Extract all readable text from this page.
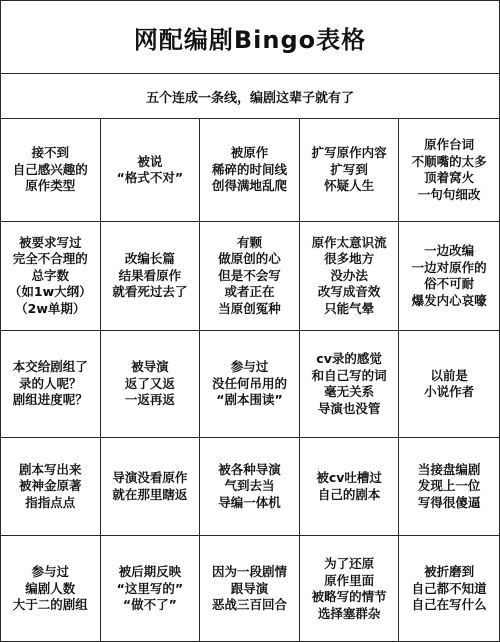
网配编剧Bingo表格
五个连成一条线，编剧这辈子就有了
接不到
自己感兴趣的
原作类型
被说
“格式不对”
被原作
稀碎的时间线
创得满地乱爬
扩写原作内容
扩写到
怀疑人生
原作台词
不顺嘴的太多
顶着窝火
一句句细改
被要求写过
完全不合理的
总字数
（如1w大纲）
（2w单期）
改编长篇
结果看原作
就看死过去了
有颗
做原创的心
但是不会写
或者正在
当原创冤种
原作太意识流
很多地方
没办法
改写成音效
只能气晕
一边改编
一边对原作的
俗不可耐
爆发内心哀嚎
本交给剧组了
录的人呢？
剧组进度呢？
被导演
返了又返
一返再返
参与过
没任何吊用的
“剧本围读”
cv录的感觉
和自己写的词
毫无关系
导演也没管
以前是
小说作者
剧本写出来
被神金原著
指指点点
导演没看原作
就在那里瞎返
被各种导演
气到去当
导编一体机
被cv吐槽过
自己的剧本
当接盘编剧
发现上一位
写得很傻逼
参与过
编剧人数
大于二的剧组
被后期反映
“这里写的”
“做不了”
因为一段剧情
跟导演
恶战三百回合
为了还原
原作里面
被略写的情节
选择塞群杂
被折磨到
自己都不知道
自己在写什么
